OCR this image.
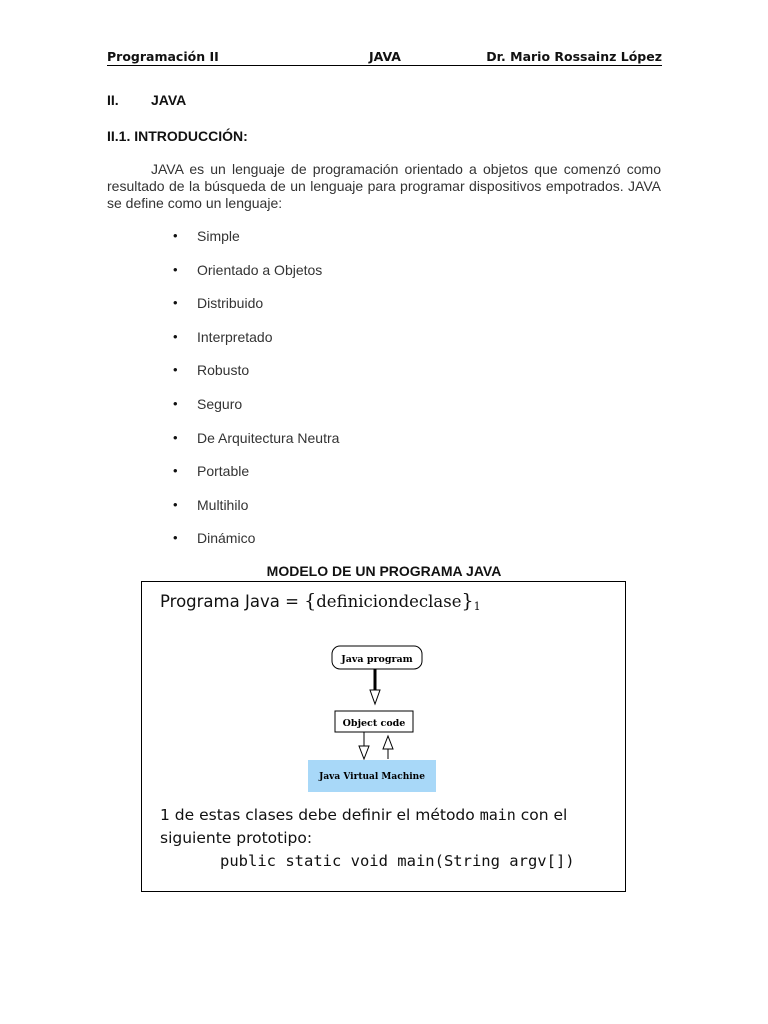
Programación II	JAVA	Dr. Mario Rossainz López
II. JAVA
II.1. INTRODUCCIÓN:

JAVA es un lenguaje de programación orientado a objetos que comenzó como resultado de la búsqueda de un lenguaje para programar dispositivos empotrados. JAVA se define como un lenguaje:

• Simple
• Orientado a Objetos
• Distribuido
• Interpretado
• Robusto
• Seguro
• De Arquitectura Neutra
• Portable
• Multihilo
• Dinámico
MODELO DE UN PROGRAMA JAVA
Programa Java = $\{definiciondeclase\}_1$
Java program
Object code
Java Virtual Machine
1 de estas clases debe definir el método main con el siguiente prototipo:
public static void main(String argv[])
